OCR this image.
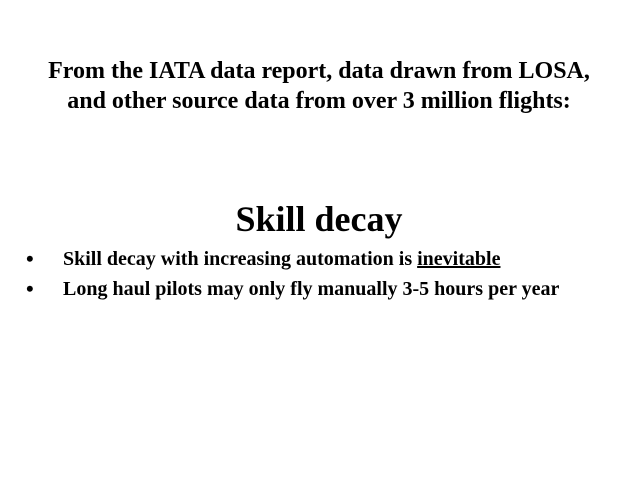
From the IATA data report, data drawn from LOSA,
and other source data from over 3 million flights:
Skill decay
• Skill decay with increasing automation is inevitable
• Long haul pilots may only fly manually 3-5 hours per year
